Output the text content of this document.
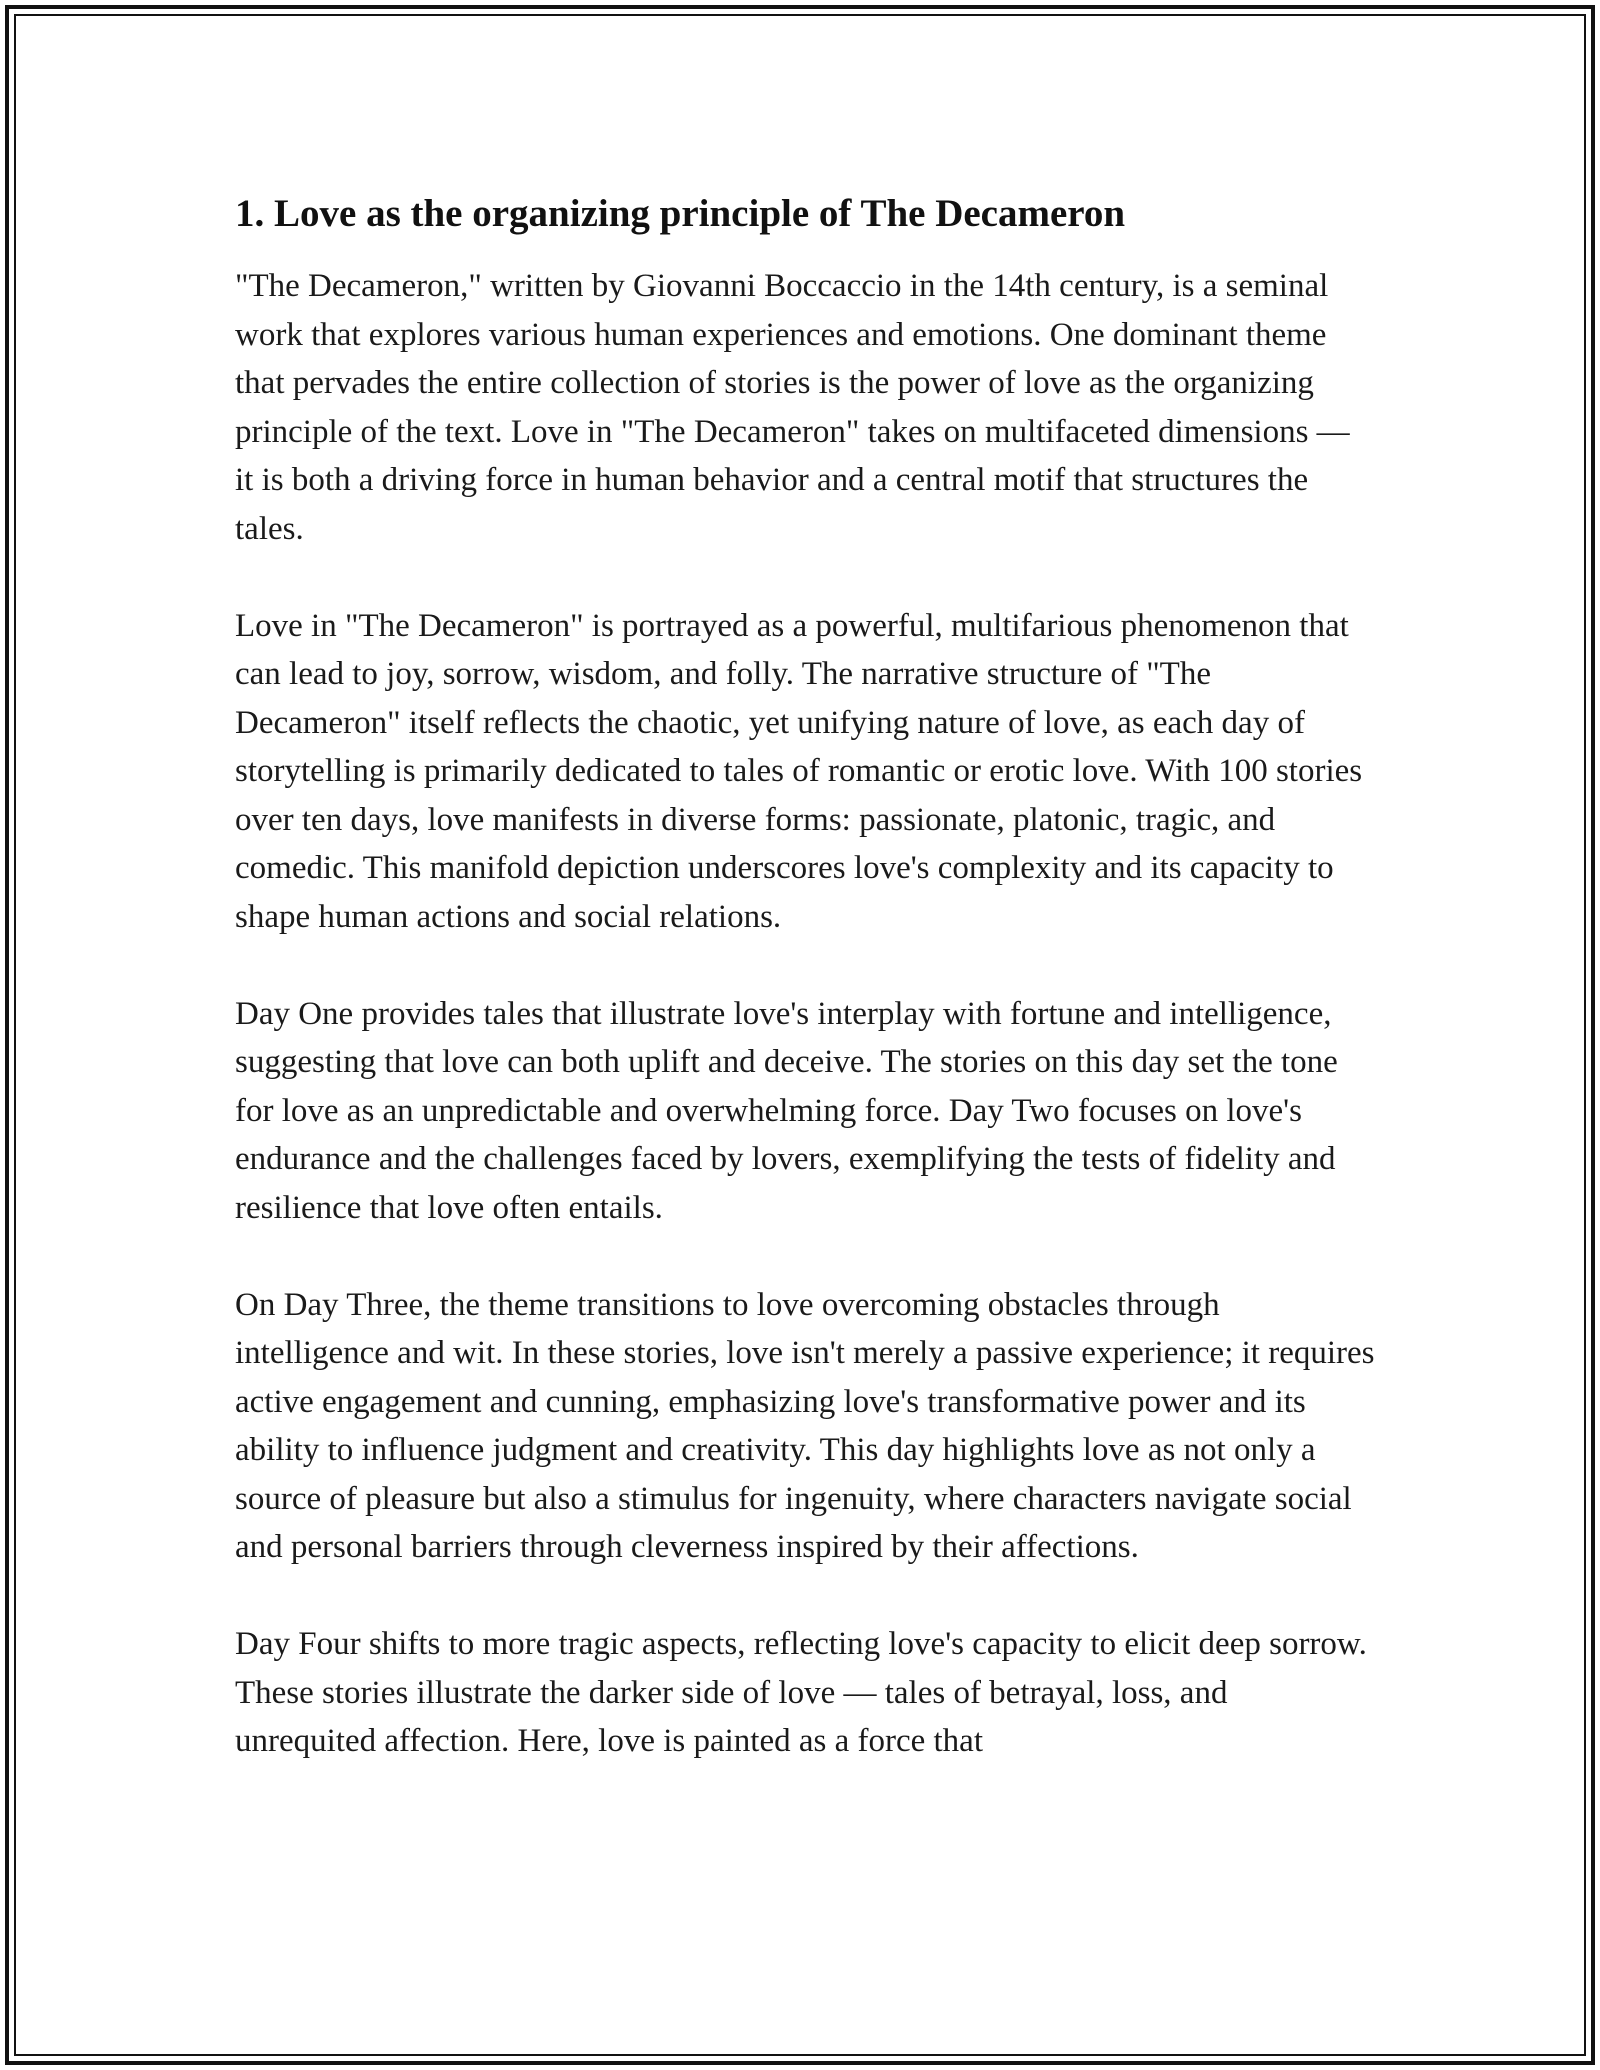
1. Love as the organizing principle of The Decameron

"The Decameron," written by Giovanni Boccaccio in the 14th century, is a seminal work that explores various human experiences and emotions. One dominant theme that pervades the entire collection of stories is the power of love as the organizing principle of the text. Love in "The Decameron" takes on multifaceted dimensions — it is both a driving force in human behavior and a central motif that structures the tales.

Love in "The Decameron" is portrayed as a powerful, multifarious phenomenon that can lead to joy, sorrow, wisdom, and folly. The narrative structure of "The Decameron" itself reflects the chaotic, yet unifying nature of love, as each day of storytelling is primarily dedicated to tales of romantic or erotic love. With 100 stories over ten days, love manifests in diverse forms: passionate, platonic, tragic, and comedic. This manifold depiction underscores love's complexity and its capacity to shape human actions and social relations.

Day One provides tales that illustrate love's interplay with fortune and intelligence, suggesting that love can both uplift and deceive. The stories on this day set the tone for love as an unpredictable and overwhelming force. Day Two focuses on love's endurance and the challenges faced by lovers, exemplifying the tests of fidelity and resilience that love often entails.

On Day Three, the theme transitions to love overcoming obstacles through intelligence and wit. In these stories, love isn't merely a passive experience; it requires active engagement and cunning, emphasizing love's transformative power and its ability to influence judgment and creativity. This day highlights love as not only a source of pleasure but also a stimulus for ingenuity, where characters navigate social and personal barriers through cleverness inspired by their affections.

Day Four shifts to more tragic aspects, reflecting love's capacity to elicit deep sorrow. These stories illustrate the darker side of love — tales of betrayal, loss, and unrequited affection. Here, love is painted as a force that
